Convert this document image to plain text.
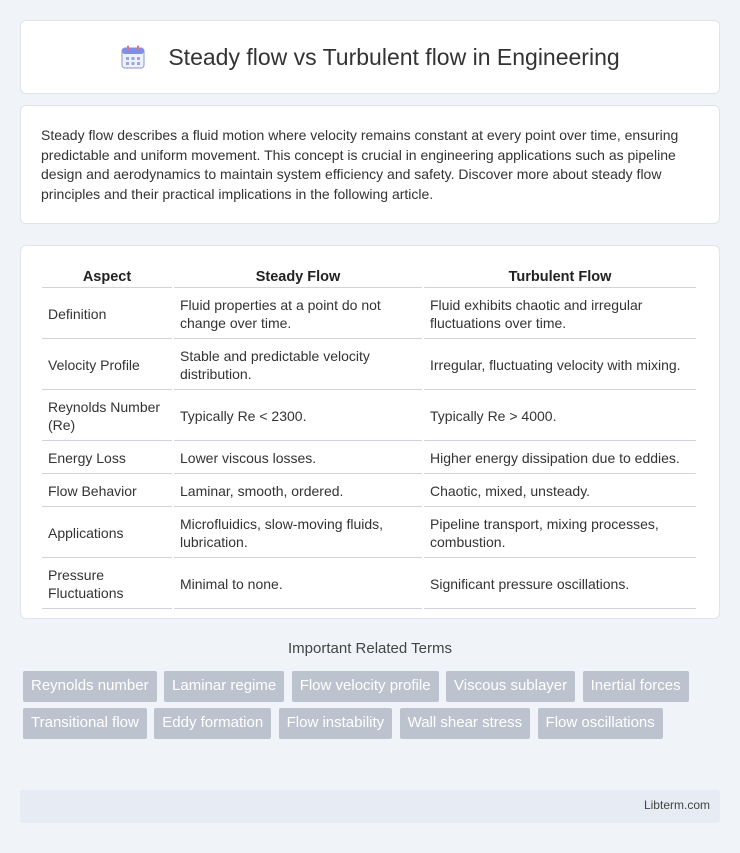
Steady flow vs Turbulent flow in Engineering

Steady flow describes a fluid motion where velocity remains constant at every point over time, ensuring predictable and uniform movement. This concept is crucial in engineering applications such as pipeline design and aerodynamics to maintain system efficiency and safety. Discover more about steady flow principles and their practical implications in the following article.

Aspect	Steady Flow	Turbulent Flow
Definition	Fluid properties at a point do not change over time.	Fluid exhibits chaotic and irregular fluctuations over time.
Velocity Profile	Stable and predictable velocity distribution.	Irregular, fluctuating velocity with mixing.
Reynolds Number (Re)	Typically Re < 2300.	Typically Re > 4000.
Energy Loss	Lower viscous losses.	Higher energy dissipation due to eddies.
Flow Behavior	Laminar, smooth, ordered.	Chaotic, mixed, unsteady.
Applications	Microfluidics, slow-moving fluids, lubrication.	Pipeline transport, mixing processes, combustion.
Pressure Fluctuations	Minimal to none.	Significant pressure oscillations.
Important Related Terms
Reynolds number Laminar regime Flow velocity profile Viscous sublayer Inertial forces Transitional flow Eddy formation Flow instability Wall shear stress Flow oscillations
Libterm.com
